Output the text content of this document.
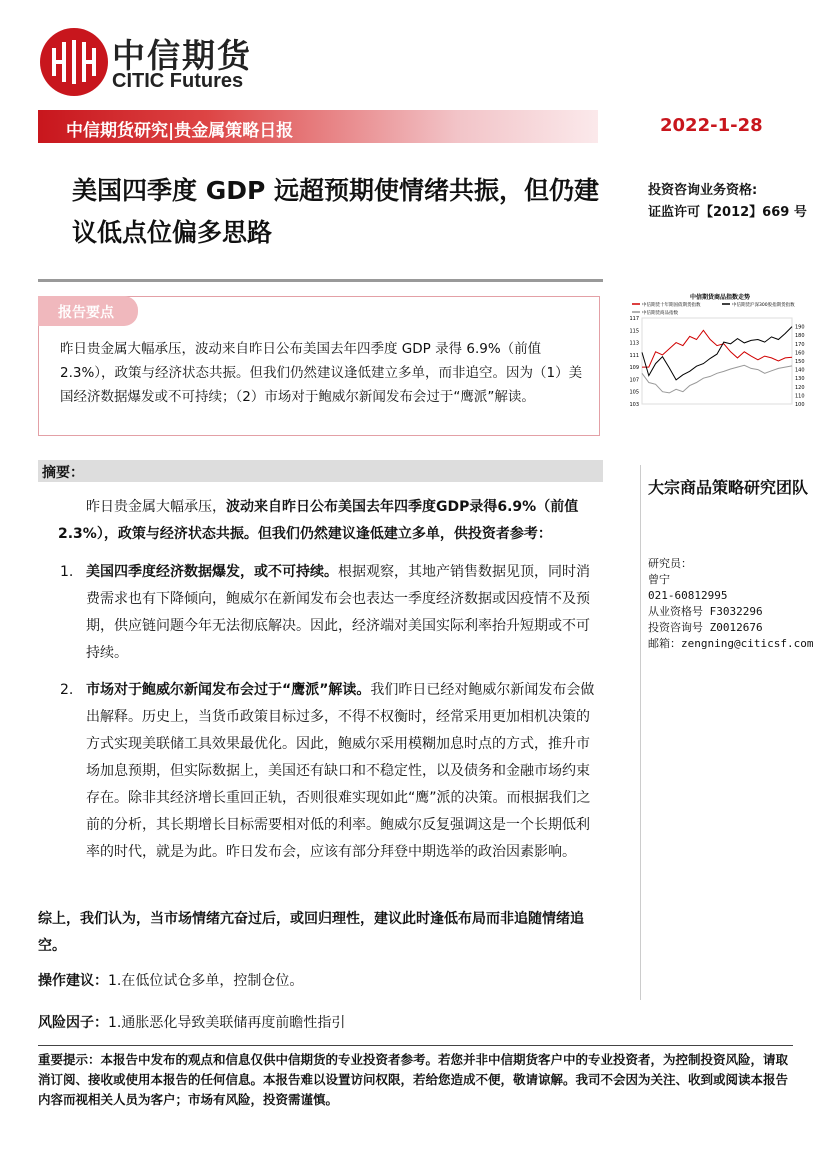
中信期货
CITIC Futures
中信期货研究|贵金属策略日报	2022-1-28
美国四季度 GDP 远超预期使情绪共振，但仍建议低点位偏多思路
投资咨询业务资格:
证监许可【2012】669 号
中信期货商品指数走势
中信期货十年期国债期货指数	中信期货沪深300股指期货指数
中信期货商品指数
117
115
113
111
109
107
105
103
190
180
170
160
150
140
130
120
110
100
报告要点
昨日贵金属大幅承压，波动来自昨日公布美国去年四季度 GDP 录得 6.9%（前值 2.3%），政策与经济状态共振。但我们仍然建议逢低建立多单，而非追空。因为（1）美国经济数据爆发或不可持续；（2）市场对于鲍威尔新闻发布会过于“鹰派”解读。
摘要：
昨日贵金属大幅承压，波动来自昨日公布美国去年四季度GDP录得6.9%（前值2.3%），政策与经济状态共振。但我们仍然建议逢低建立多单，供投资者参考：
1. 美国四季度经济数据爆发，或不可持续。根据观察，其地产销售数据见顶，同时消费需求也有下降倾向，鲍威尔在新闻发布会也表达一季度经济数据或因疫情不及预期，供应链问题今年无法彻底解决。因此，经济端对美国实际利率抬升短期或不可持续。
2. 市场对于鲍威尔新闻发布会过于“鹰派”解读。我们昨日已经对鲍威尔新闻发布会做出解释。历史上，当货币政策目标过多，不得不权衡时，经常采用更加相机决策的方式实现美联储工具效果最优化。因此，鲍威尔采用模糊加息时点的方式，推升市场加息预期，但实际数据上，美国还有缺口和不稳定性，以及债务和金融市场约束存在。除非其经济增长重回正轨，否则很难实现如此“鹰”派的决策。而根据我们之前的分析，其长期增长目标需要相对低的利率。鲍威尔反复强调这是一个长期低利率的时代，就是为此。昨日发布会，应该有部分拜登中期选举的政治因素影响。
综上，我们认为，当市场情绪亢奋过后，或回归理性，建议此时逢低布局而非追随情绪追空。
操作建议：1.在低位试仓多单，控制仓位。
风险因子：1.通胀恶化导致美联储再度前瞻性指引
大宗商品策略研究团队
研究员：
曾宁
021-60812995
从业资格号 F3032296
投资咨询号 Z0012676
邮箱：zengning@citicsf.com
重要提示：本报告中发布的观点和信息仅供中信期货的专业投资者参考。若您并非中信期货客户中的专业投资者，为控制投资风险，请取消订阅、接收或使用本报告的任何信息。本报告难以设置访问权限，若给您造成不便，敬请谅解。我司不会因为关注、收到或阅读本报告内容而视相关人员为客户；市场有风险，投资需谨慎。
